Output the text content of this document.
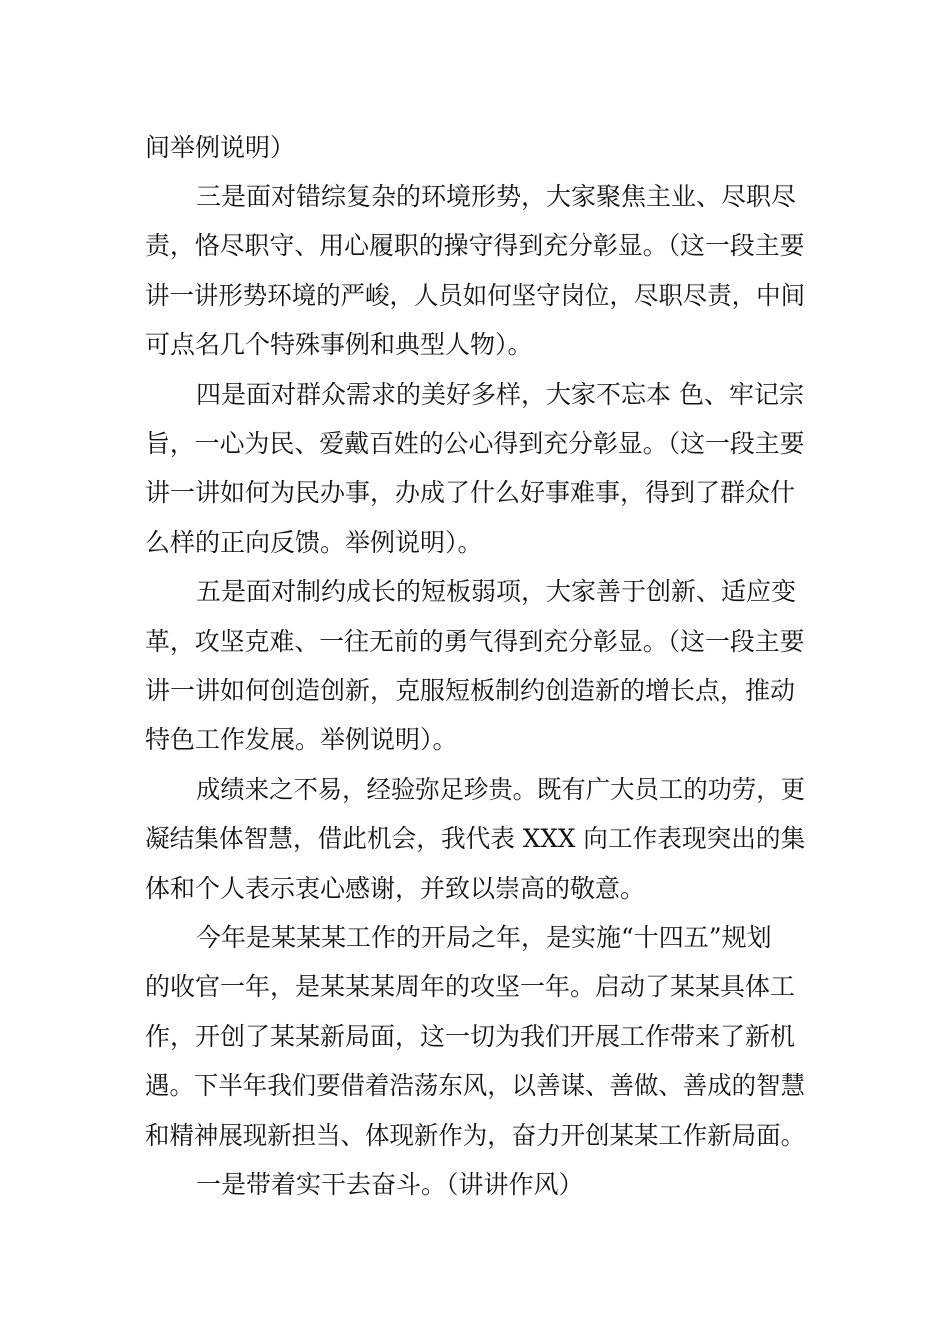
间举例说明）
三是面对错综复杂的环境形势，大家聚焦主业、尽职尽
责，恪尽职守、用心履职的操守得到充分彰显。（这一段主要
讲一讲形势环境的严峻，人员如何坚守岗位，尽职尽责，中间
可点名几个特殊事例和典型人物）。
四是面对群众需求的美好多样，大家不忘本 色、牢记宗
旨，一心为民、爱戴百姓的公心得到充分彰显。（这一段主要
讲一讲如何为民办事，办成了什么好事难事，得到了群众什
么样的正向反馈。举例说明）。
五是面对制约成长的短板弱项，大家善于创新、适应变
革，攻坚克难、一往无前的勇气得到充分彰显。（这一段主要
讲一讲如何创造创新，克服短板制约创造新的增长点，推动
特色工作发展。举例说明）。
成绩来之不易，经验弥足珍贵。既有广大员工的功劳，更
凝结集体智慧，借此机会，我代表 XXX 向工作表现突出的集
体和个人表示衷心感谢，并致以崇高的敬意。
今年是某某某工作的开局之年，是实施“十四五”规划
的收官一年，是某某某周年的攻坚一年。启动了某某具体工
作，开创了某某新局面，这一切为我们开展工作带来了新机
遇。下半年我们要借着浩荡东风，以善谋、善做、善成的智慧
和精神展现新担当、体现新作为，奋力开创某某工作新局面。
一是带着实干去奋斗。（讲讲作风）
